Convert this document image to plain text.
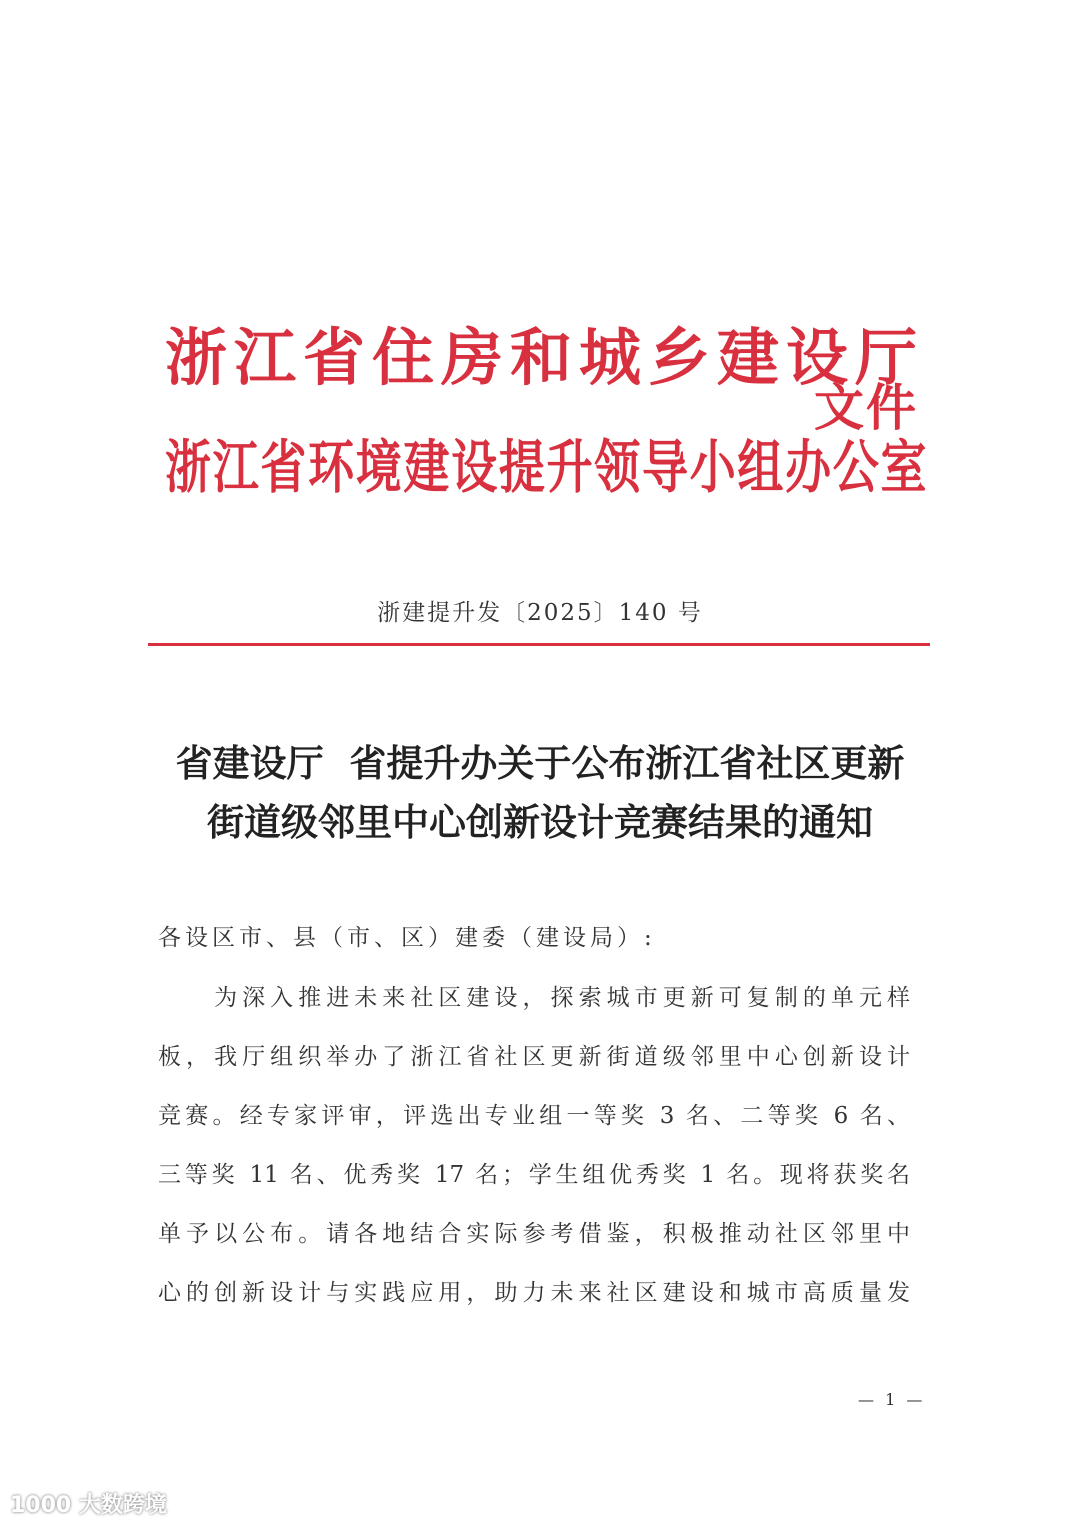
浙江省住房和城乡建设厅
浙江省环境建设提升领导小组办公室
文件
浙建提升发〔2025〕140 号
省建设厅  省提升办关于公布浙江省社区更新
街道级邻里中心创新设计竞赛结果的通知
各设区市、县（市、区）建委（建设局）:
　　为深入推进未来社区建设，探索城市更新可复制的单元样
板，我厅组织举办了浙江省社区更新街道级邻里中心创新设计
竞赛。经专家评审，评选出专业组一等奖 3 名、二等奖 6 名、
三等奖 11 名、优秀奖 17 名；学生组优秀奖 1 名。现将获奖名
单予以公布。请各地结合实际参考借鉴，积极推动社区邻里中
心的创新设计与实践应用，助力未来社区建设和城市高质量发
— 1 —
1000 大数跨境
